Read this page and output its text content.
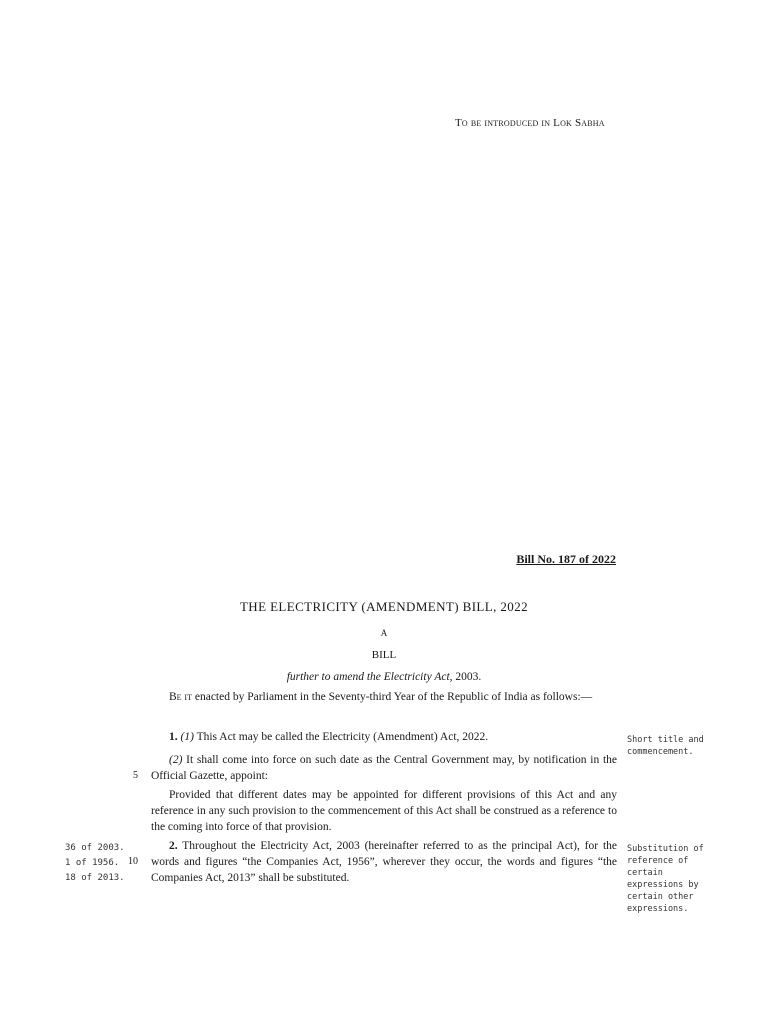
To be introduced in Lok Sabha
Bill No. 187 of 2022
THE ELECTRICITY (AMENDMENT) BILL, 2022
A
BILL
further to amend the Electricity Act, 2003.
Be it enacted by Parliament in the Seventy-third Year of the Republic of India as follows:—
1. (1) This Act may be called the Electricity (Amendment) Act, 2022.	Short title and commencement.
(2) It shall come into force on such date as the Central Government may, by notification in the Official Gazette, appoint:
5
Provided that different dates may be appointed for different provisions of this Act and any reference in any such provision to the commencement of this Act shall be construed as a reference to the coming into force of that provision.
36 of 2003.
1 of 1956.
18 of 2013.
10
2. Throughout the Electricity Act, 2003 (hereinafter referred to as the principal Act), for the words and figures “the Companies Act, 1956”, wherever they occur, the words and figures “the Companies Act, 2013” shall be substituted.
Substitution of reference of certain expressions by certain other expressions.
